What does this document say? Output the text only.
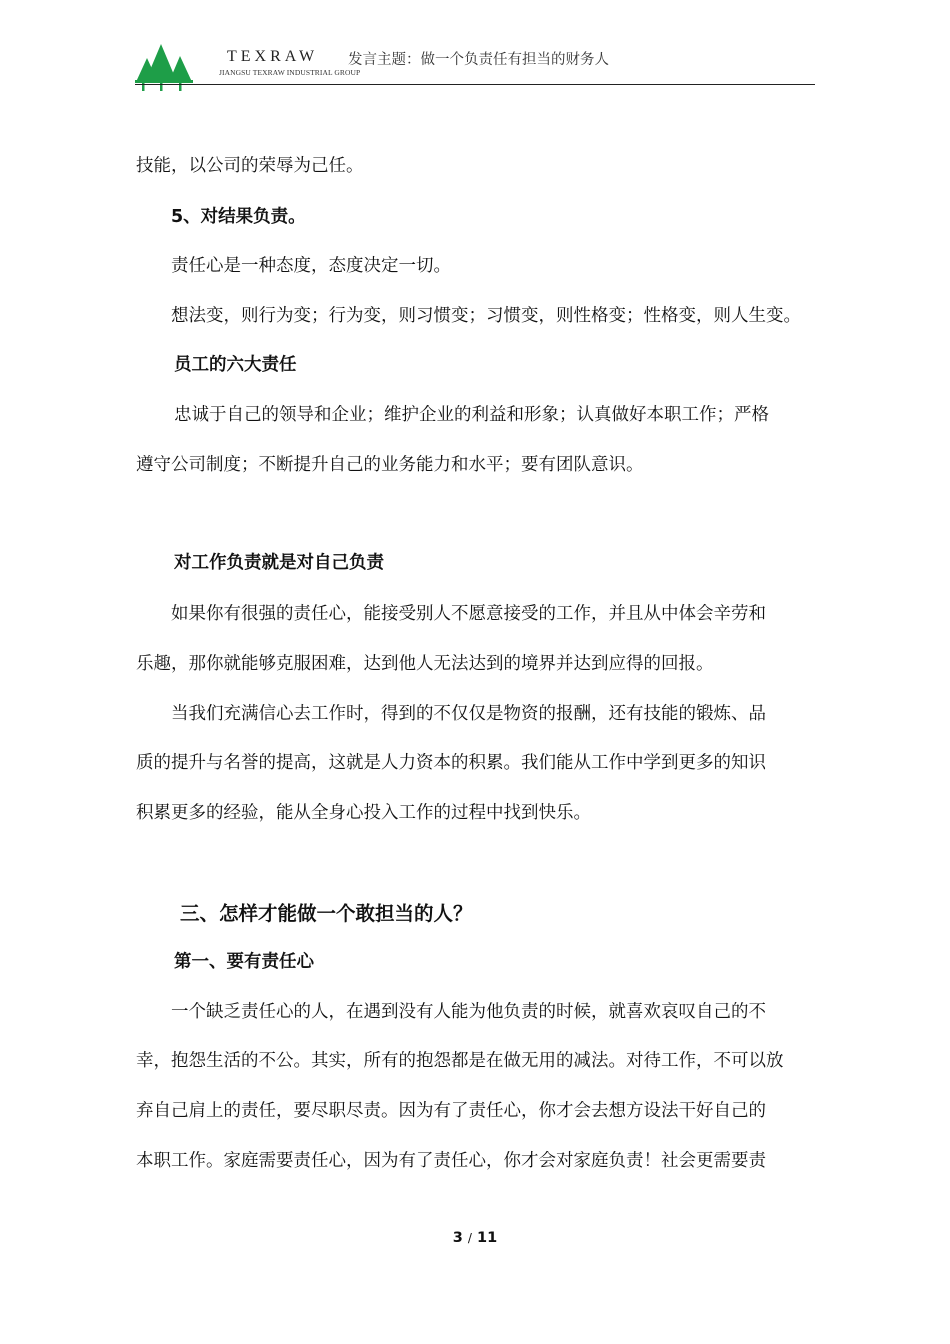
TEXRAW
JIANGSU TEXRAW INDUSTRIAL GROUP
发言主题：做一个负责任有担当的财务人
技能，以公司的荣辱为己任。
5、对结果负责。
责任心是一种态度，态度决定一切。
想法变，则行为变；行为变，则习惯变；习惯变，则性格变；性格变，则人生变。
员工的六大责任
忠诚于自己的领导和企业；维护企业的利益和形象；认真做好本职工作；严格
遵守公司制度；不断提升自己的业务能力和水平；要有团队意识。
对工作负责就是对自己负责
如果你有很强的责任心，能接受别人不愿意接受的工作，并且从中体会辛劳和
乐趣，那你就能够克服困难，达到他人无法达到的境界并达到应得的回报。
当我们充满信心去工作时，得到的不仅仅是物资的报酬，还有技能的锻炼、品
质的提升与名誉的提高，这就是人力资本的积累。我们能从工作中学到更多的知识
积累更多的经验，能从全身心投入工作的过程中找到快乐。
三、怎样才能做一个敢担当的人？
第一、要有责任心
一个缺乏责任心的人，在遇到没有人能为他负责的时候，就喜欢哀叹自己的不
幸，抱怨生活的不公。其实，所有的抱怨都是在做无用的减法。对待工作，不可以放
弃自己肩上的责任，要尽职尽责。因为有了责任心，你才会去想方设法干好自己的
本职工作。家庭需要责任心，因为有了责任心，你才会对家庭负责！社会更需要责
3 / 11
